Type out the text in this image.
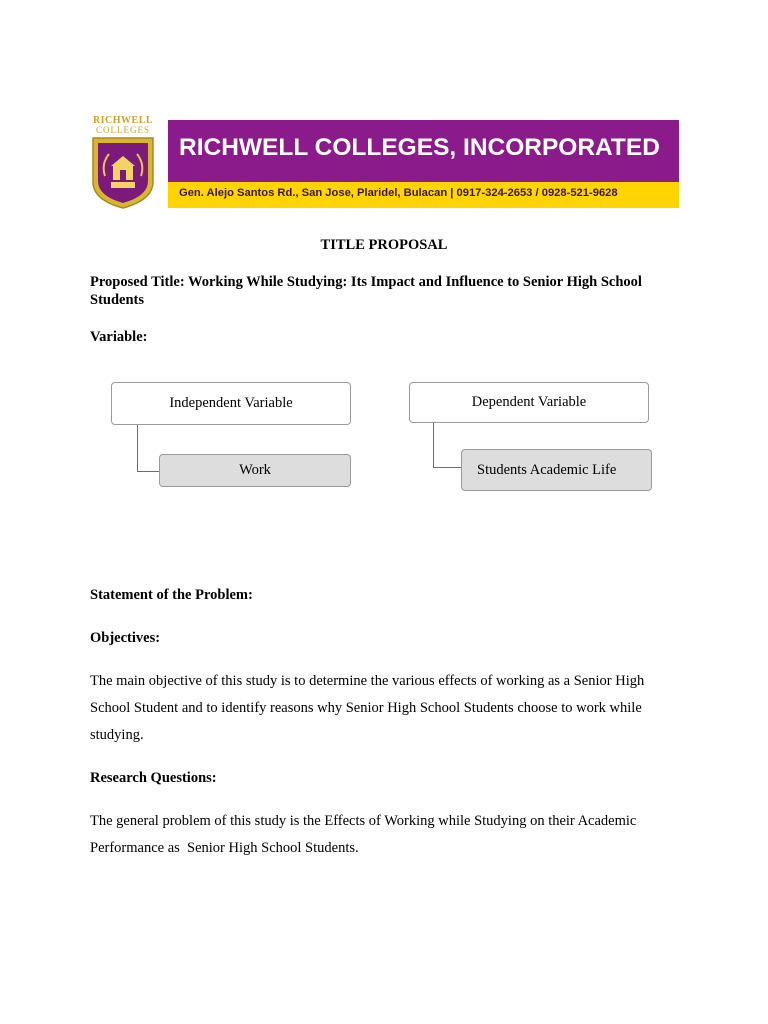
RICHWELL
COLLEGES
RICHWELL COLLEGES, INCORPORATED
Gen. Alejo Santos Rd., San Jose, Plaridel, Bulacan | 0917-324-2653 / 0928-521-9628
TITLE PROPOSAL
Proposed Title: Working While Studying: Its Impact and Influence to Senior High School
Students
Variable:
Independent Variable
Work
Dependent Variable
Students Academic Life
Statement of the Problem:
Objectives:
The main objective of this study is to determine the various effects of working as a Senior High
School Student and to identify reasons why Senior High School Students choose to work while
studying.
Research Questions:
The general problem of this study is the Effects of Working while Studying on their Academic
Performance as  Senior High School Students.
